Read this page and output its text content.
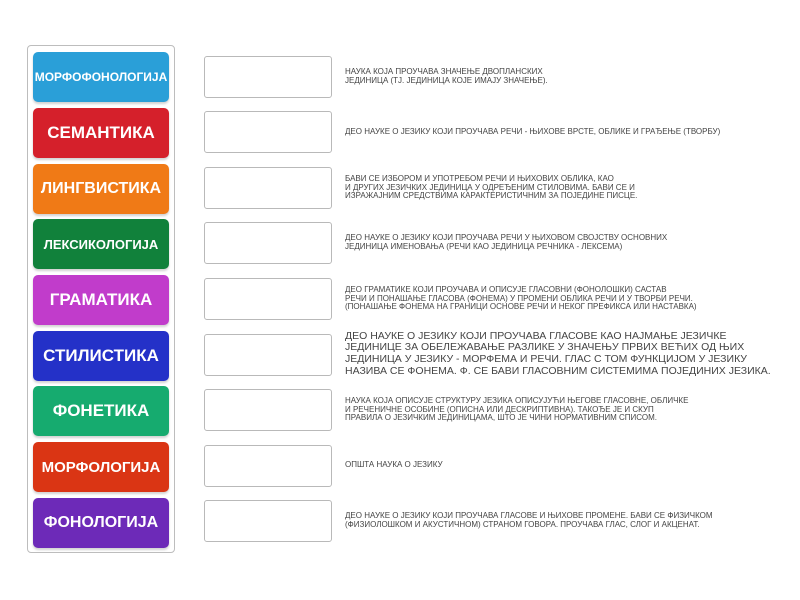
МОРФОФОНОЛОГИЈА
СЕМАНТИКА
ЛИНГВИСТИКА
ЛЕКСИКОЛОГИЈА
ГРАМАТИКА
СТИЛИСТИКА
ФОНЕТИКА
МОРФОЛОГИЈА
ФОНОЛОГИЈА
НАУКА КОЈА ПРОУЧАВА ЗНАЧЕЊЕ ДВОПЛАНСКИХ
ЈЕДИНИЦА (ТЈ. ЈЕДИНИЦА КОЈЕ ИМАЈУ ЗНАЧЕЊЕ).
ДЕО НАУКЕ О ЈЕЗИКУ КОЈИ ПРОУЧАВА РЕЧИ - ЊИХОВЕ ВРСТЕ, ОБЛИКЕ И ГРАЂЕЊЕ (ТВОРБУ)
БАВИ СЕ ИЗБОРОМ И УПОТРЕБОМ РЕЧИ И ЊИХОВИХ ОБЛИКА, КАО
И ДРУГИХ ЈЕЗИЧКИХ ЈЕДИНИЦА У ОДРЕЂЕНИМ СТИЛОВИМА. БАВИ СЕ И
ИЗРАЖАЈНИМ СРЕДСТВИМА КАРАКТЕРИСТИЧНИМ ЗА ПОЈЕДИНЕ ПИСЦЕ.
ДЕО НАУКЕ О ЈЕЗИКУ КОЈИ ПРОУЧАВА РЕЧИ У ЊИХОВОМ СВОЈСТВУ ОСНОВНИХ
ЈЕДИНИЦА ИМЕНОВАЊА (РЕЧИ КАО ЈЕДИНИЦА РЕЧНИКА - ЛЕКСЕМА)
ДЕО ГРАМАТИКЕ КОЈИ ПРОУЧАВА И ОПИСУЈЕ ГЛАСОВНИ (ФОНОЛОШКИ) САСТАВ
РЕЧИ И ПОНАШАЊЕ ГЛАСОВА (ФОНЕМА) У ПРОМЕНИ ОБЛИКА РЕЧИ И У ТВОРБИ РЕЧИ.
(ПОНАШАЊЕ ФОНЕМА НА ГРАНИЦИ ОСНОВЕ РЕЧИ И НЕКОГ ПРЕФИКСА ИЛИ НАСТАВКА)
ДЕО НАУКЕ О ЈЕЗИКУ КОЈИ ПРОУЧАВА ГЛАСОВЕ КАО НАЈМАЊЕ ЈЕЗИЧКЕ
ЈЕДИНИЦЕ ЗА ОБЕЛЕЖАВАЊЕ РАЗЛИКЕ У ЗНАЧЕЊУ ПРВИХ ВЕЋИХ ОД ЊИХ
ЈЕДИНИЦА У ЈЕЗИКУ - МОРФЕМА И РЕЧИ. ГЛАС С ТОМ ФУНКЦИЈОМ У ЈЕЗИКУ
НАЗИВА СЕ ФОНЕМА. Ф. СЕ БАВИ ГЛАСОВНИМ СИСТЕМИМА ПОЈЕДИНИХ ЈЕЗИКА.
НАУКА КОЈА ОПИСУЈЕ СТРУКТУРУ ЈЕЗИКА ОПИСУЈУЋИ ЊЕГОВЕ ГЛАСОВНЕ, ОБЛИЧКЕ
И РЕЧЕНИЧНЕ ОСОБИНЕ (ОПИСНА ИЛИ ДЕСКРИПТИВНА). ТАКОЂЕ ЈЕ И СКУП
ПРАВИЛА О ЈЕЗИЧКИМ ЈЕДИНИЦАМА, ШТО ЈЕ ЧИНИ НОРМАТИВНИМ СПИСОМ.
ОПШТА НАУКА О ЈЕЗИКУ
ДЕО НАУКЕ О ЈЕЗИКУ КОЈИ ПРОУЧАВА ГЛАСОВЕ И ЊИХОВЕ ПРОМЕНЕ. БАВИ СЕ ФИЗИЧКОМ
(ФИЗИОЛОШКОМ И АКУСТИЧНОМ) СТРАНОМ ГОВОРА. ПРОУЧАВА ГЛАС, СЛОГ И АКЦЕНАТ.
